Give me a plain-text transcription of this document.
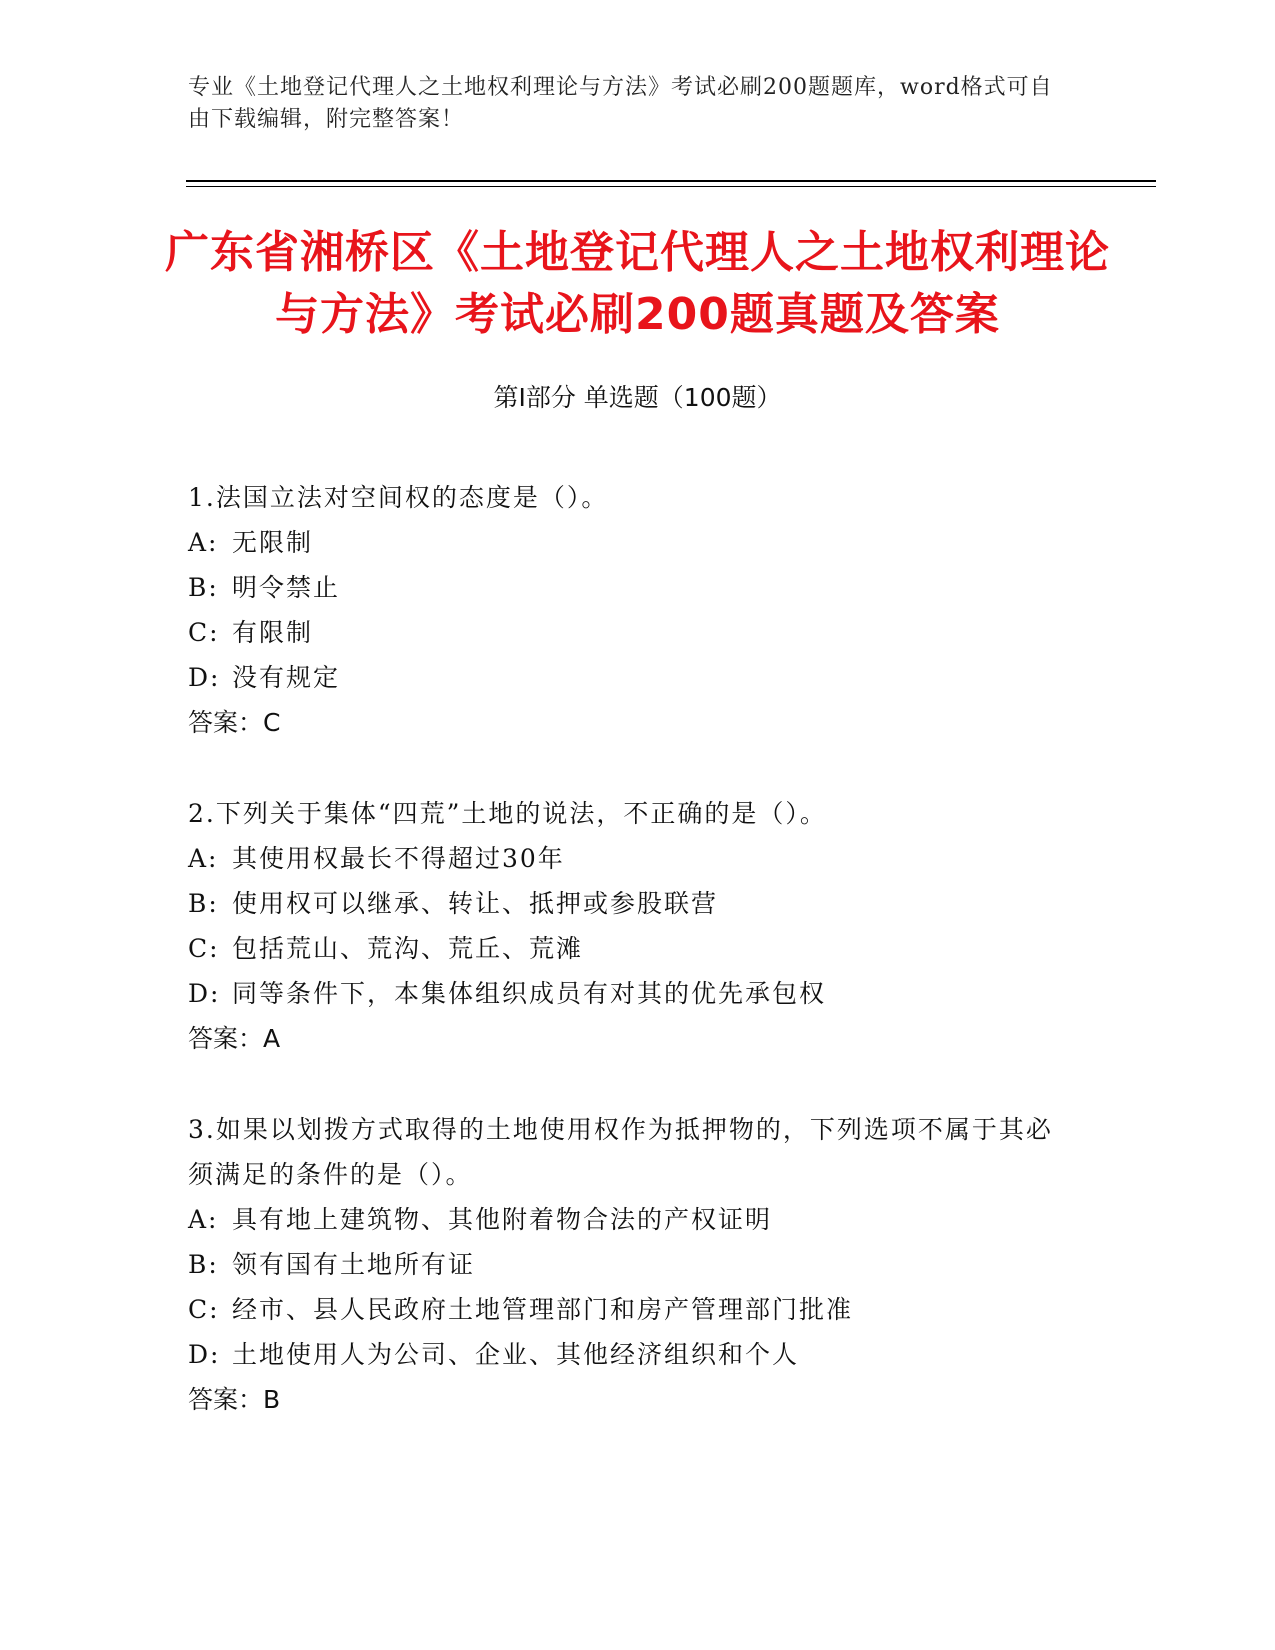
专业《土地登记代理人之土地权利理论与方法》考试必刷200题题库，word格式可自由下载编辑，附完整答案！
广东省湘桥区《土地登记代理人之土地权利理论与方法》考试必刷200题真题及答案
第Ⅰ部分 单选题（100题）

1.法国立法对空间权的态度是（）。

A: 无限制

B: 明令禁止

C: 有限制

D: 没有规定

答案：C

2.下列关于集体“四荒”土地的说法，不正确的是（）。

A: 其使用权最长不得超过30年

B: 使用权可以继承、转让、抵押或参股联营

C: 包括荒山、荒沟、荒丘、荒滩

D: 同等条件下，本集体组织成员有对其的优先承包权

答案：A

3.如果以划拨方式取得的土地使用权作为抵押物的，下列选项不属于其必须满足的条件的是（）。

A: 具有地上建筑物、其他附着物合法的产权证明

B: 领有国有土地所有证

C: 经市、县人民政府土地管理部门和房产管理部门批准

D: 土地使用人为公司、企业、其他经济组织和个人

答案：B
